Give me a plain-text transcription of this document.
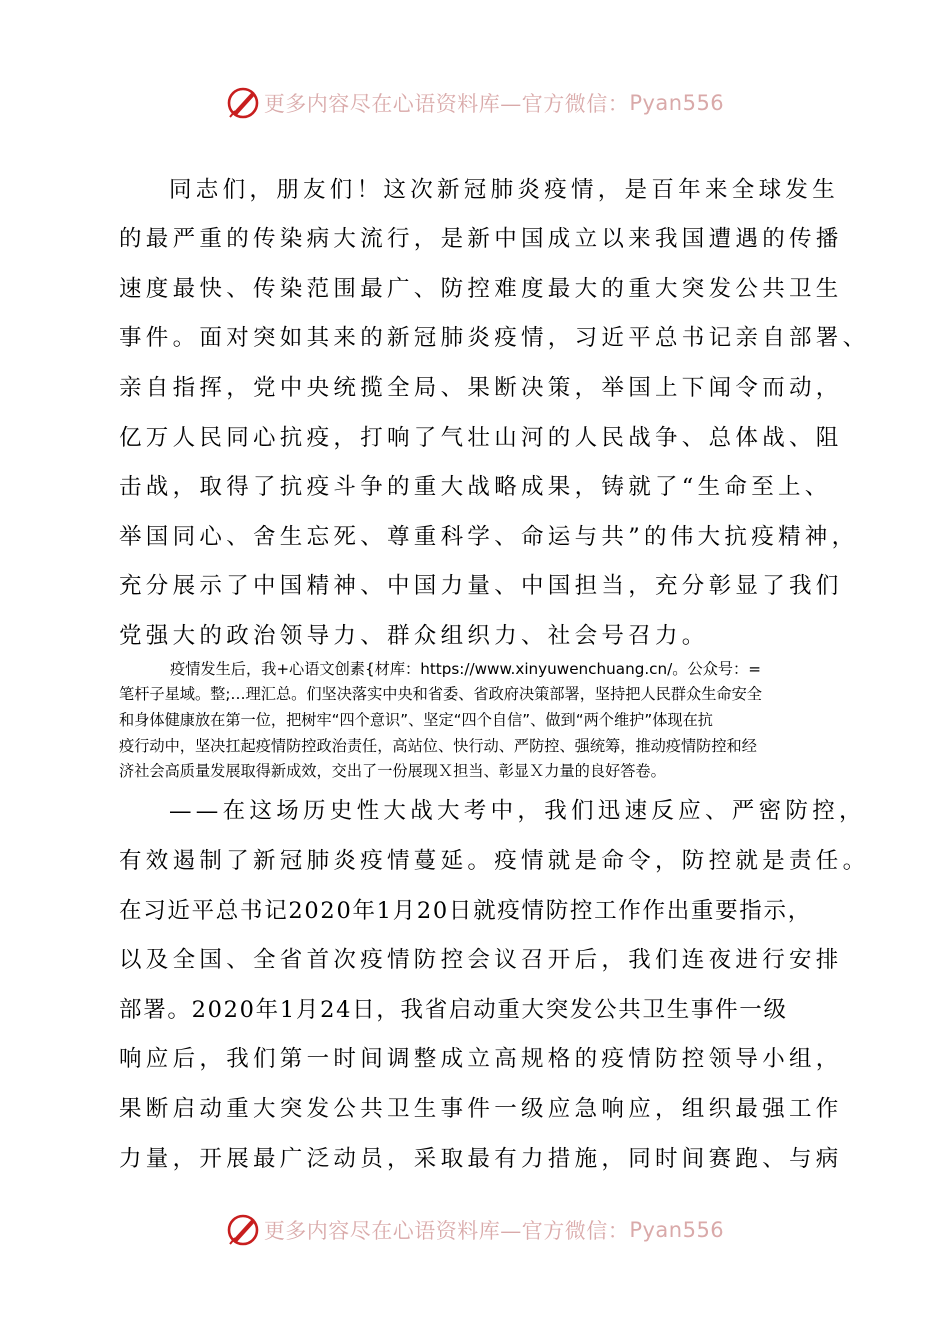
更多内容尽在心语资料库—官方微信： Pyan556
同志们，朋友们！这次新冠肺炎疫情，是百年来全球发生
的最严重的传染病大流行，是新中国成立以来我国遭遇的传播
速度最快、传染范围最广、防控难度最大的重大突发公共卫生
事件。面对突如其来的新冠肺炎疫情，习近平总书记亲自部署、
亲自指挥，党中央统揽全局、果断决策，举国上下闻令而动，
亿万人民同心抗疫，打响了气壮山河的人民战争、总体战、阻
击战，取得了抗疫斗争的重大战略成果，铸就了“生命至上、
举国同心、舍生忘死、尊重科学、命运与共”的伟大抗疫精神，
充分展示了中国精神、中国力量、中国担当，充分彰显了我们
党强大的政治领导力、群众组织力、社会号召力。
疫情发生后，我+心语文创素{材库：https://www.xinyuwenchuang.cn/。公众号：=
笔杆子星域。整;…理汇总。们坚决落实中央和省委、省政府决策部署，坚持把人民群众生命安全
和身体健康放在第一位，把树牢“四个意识”、坚定“四个自信”、做到“两个维护”体现在抗
疫行动中，坚决扛起疫情防控政治责任，高站位、快行动、严防控、强统筹，推动疫情防控和经
济社会高质量发展取得新成效，交出了一份展现Ｘ担当、彰显Ｘ力量的良好答卷。
——在这场历史性大战大考中，我们迅速反应、严密防控，
有效遏制了新冠肺炎疫情蔓延。疫情就是命令，防控就是责任。
在习近平总书记2020年1月20日就疫情防控工作作出重要指示，
以及全国、全省首次疫情防控会议召开后，我们连夜进行安排
部署。2020年1月24日，我省启动重大突发公共卫生事件一级
响应后，我们第一时间调整成立高规格的疫情防控领导小组，
果断启动重大突发公共卫生事件一级应急响应，组织最强工作
力量，开展最广泛动员，采取最有力措施，同时间赛跑、与病
更多内容尽在心语资料库—官方微信： Pyan556
